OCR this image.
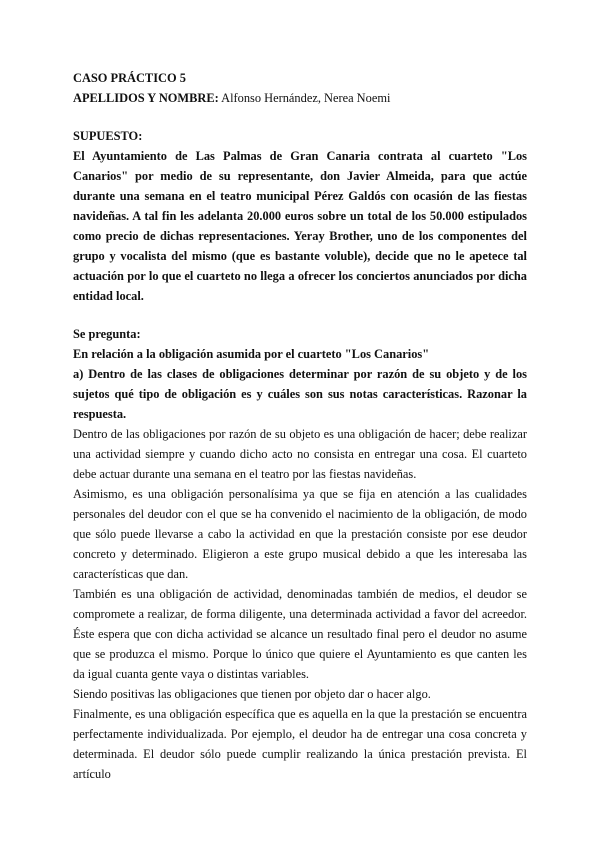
CASO PRÁCTICO 5

APELLIDOS Y NOMBRE: Alfonso Hernández, Nerea Noemi

SUPUESTO:

El Ayuntamiento de Las Palmas de Gran Canaria contrata al cuarteto "Los Canarios" por medio de su representante, don Javier Almeida, para que actúe durante una semana en el teatro municipal Pérez Galdós con ocasión de las fiestas navideñas. A tal fin les adelanta 20.000 euros sobre un total de los 50.000 estipulados como precio de dichas representaciones. Yeray Brother, uno de los componentes del grupo y vocalista del mismo (que es bastante voluble), decide que no le apetece tal actuación por lo que el cuarteto no llega a ofrecer los conciertos anunciados por dicha entidad local.

Se pregunta:

En relación a la obligación asumida por el cuarteto "Los Canarios"

a) Dentro de las clases de obligaciones determinar por razón de su objeto y de los sujetos qué tipo de obligación es y cuáles son sus notas características. Razonar la respuesta.

Dentro de las obligaciones por razón de su objeto es una obligación de hacer; debe realizar una actividad siempre y cuando dicho acto no consista en entregar una cosa. El cuarteto debe actuar durante una semana en el teatro por las fiestas navideñas.

Asimismo, es una obligación personalísima ya que se fija en atención a las cualidades personales del deudor con el que se ha convenido el nacimiento de la obligación, de modo que sólo puede llevarse a cabo la actividad en que la prestación consiste por ese deudor concreto y determinado. Eligieron a este grupo musical debido a que les interesaba las características que dan.

También es una obligación de actividad, denominadas también de medios, el deudor se compromete a realizar, de forma diligente, una determinada actividad a favor del acreedor. Éste espera que con dicha actividad se alcance un resultado final pero el deudor no asume que se produzca el mismo. Porque lo único que quiere el Ayuntamiento es que canten les da igual cuanta gente vaya o distintas variables.

Siendo positivas las obligaciones que tienen por objeto dar o hacer algo.

Finalmente, es una obligación específica que es aquella en la que la prestación se encuentra perfectamente individualizada. Por ejemplo, el deudor ha de entregar una cosa concreta y determinada. El deudor sólo puede cumplir realizando la única prestación prevista. El artículo
